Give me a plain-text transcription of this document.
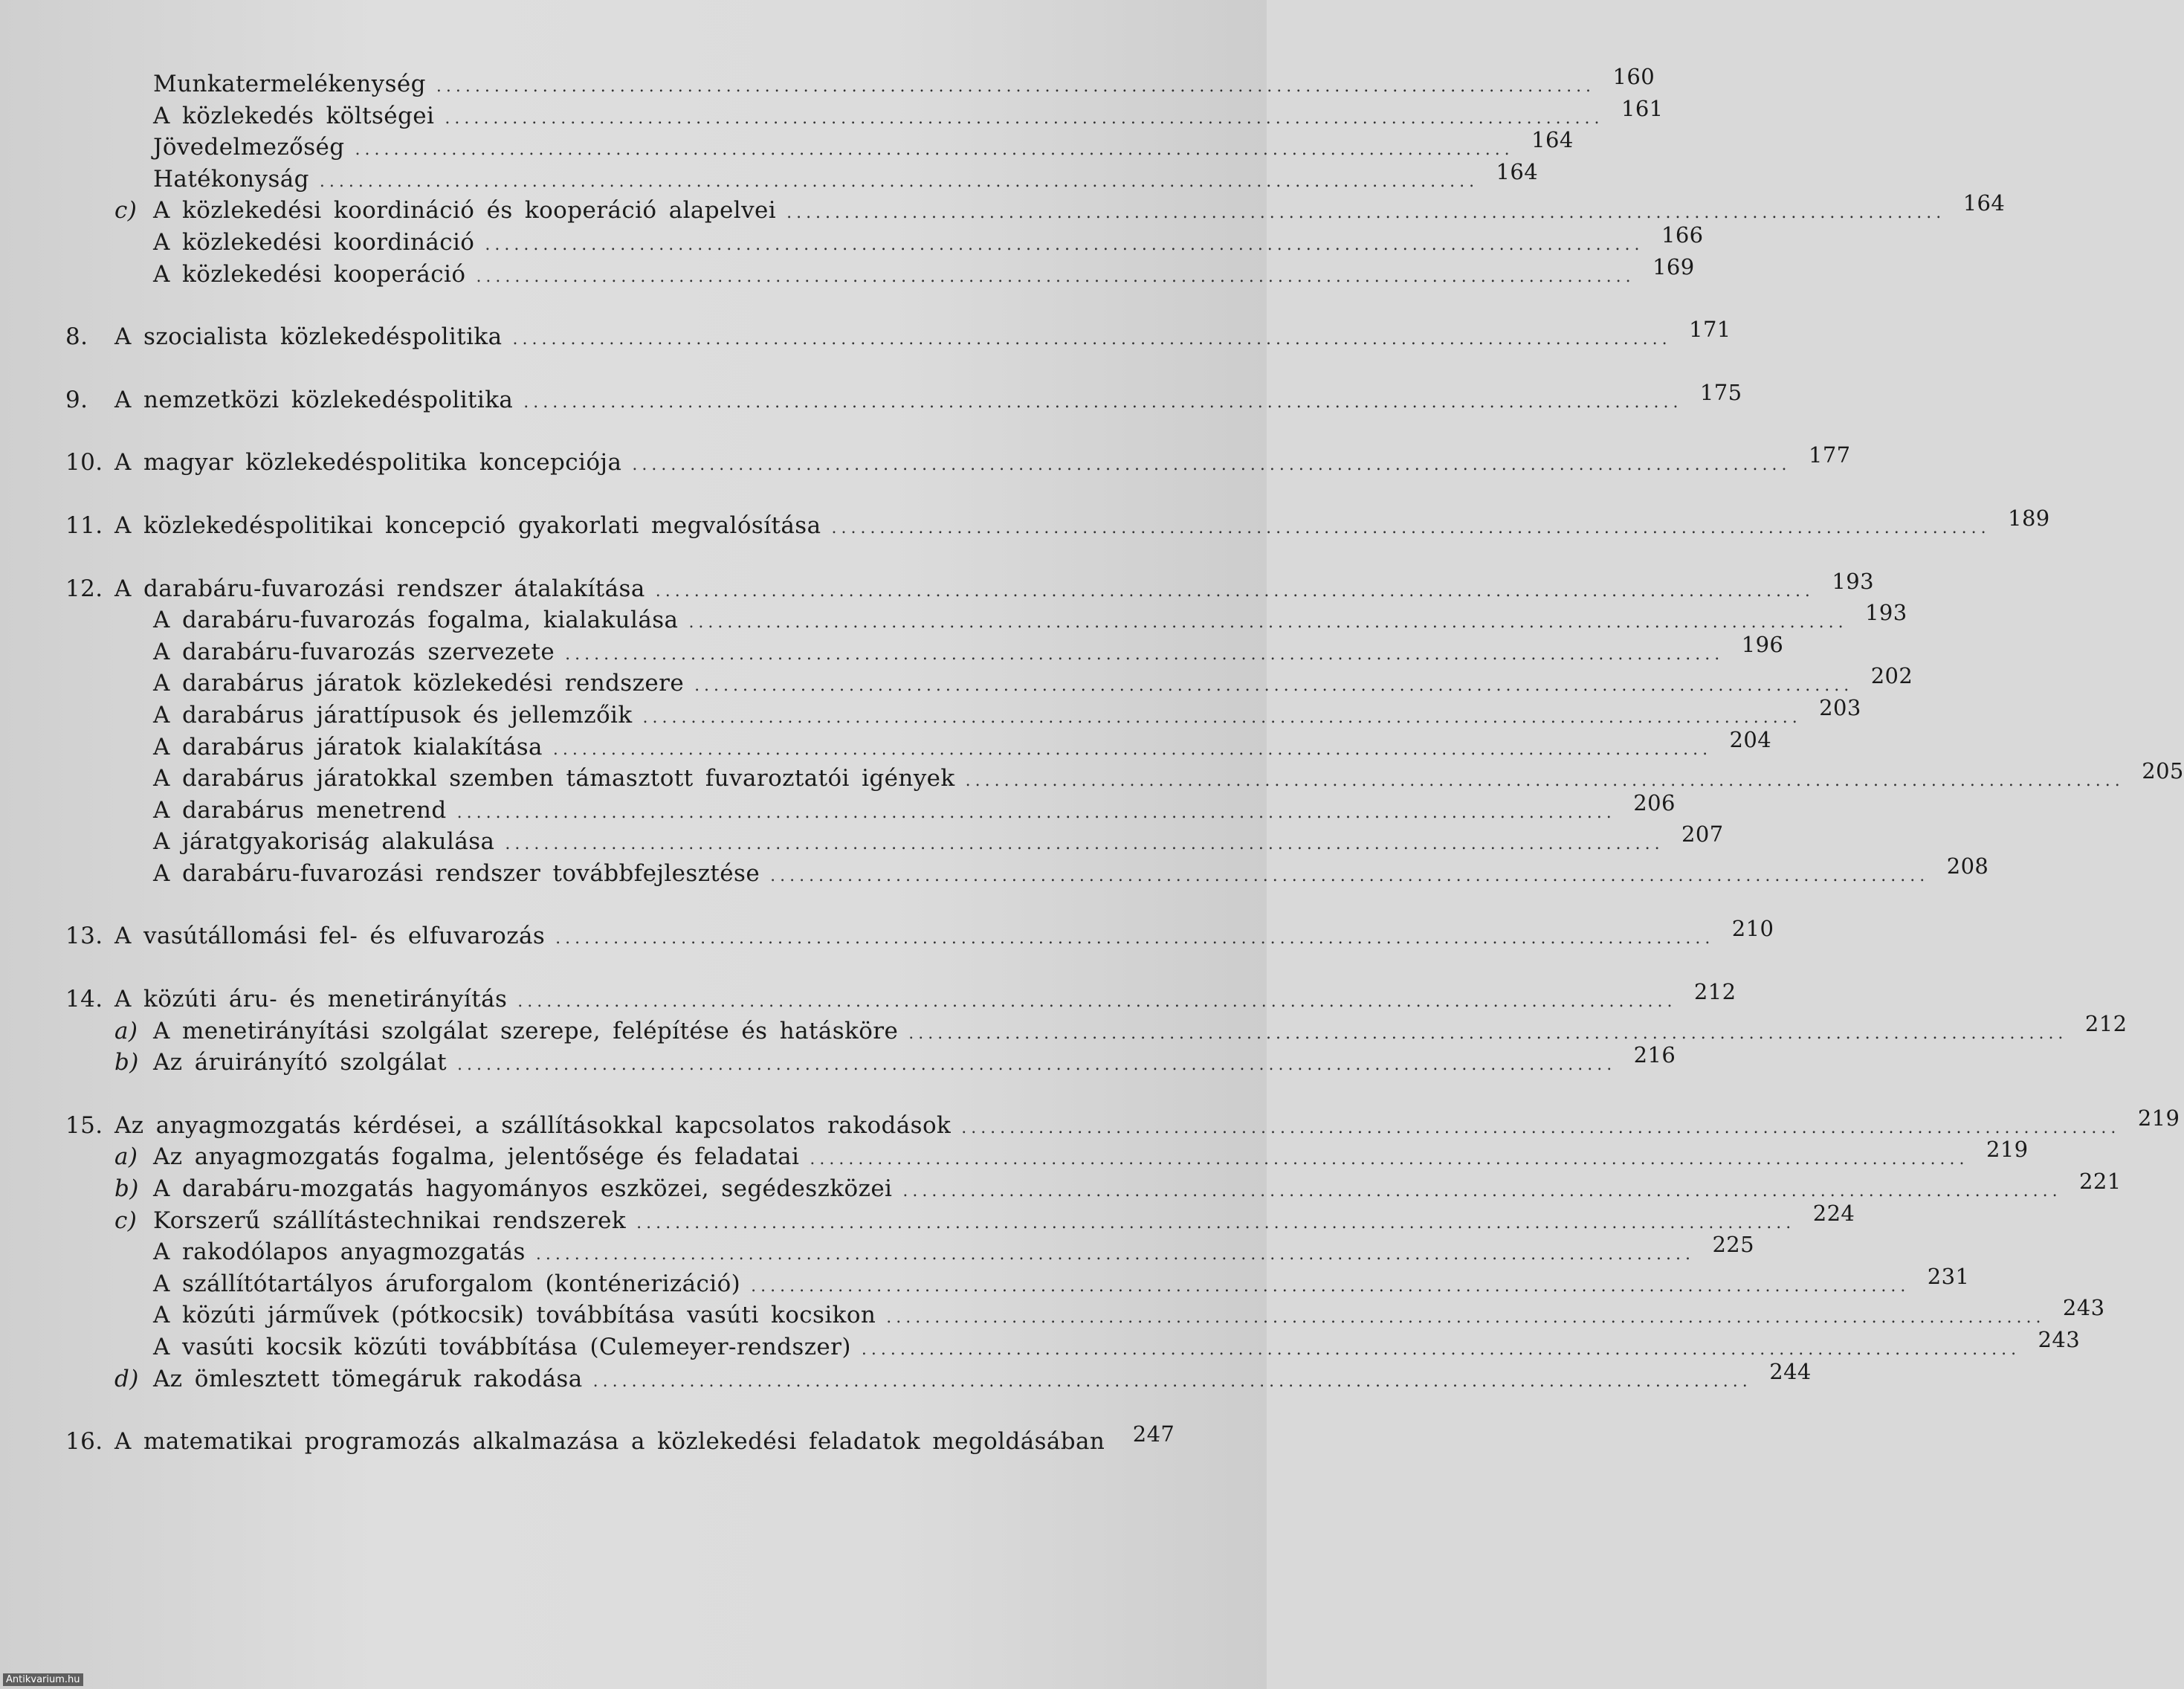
Munkatermelékenység ........................................................................................................................ 160
A közlekedés költségei ........................................................................................................................ 161
Jövedelmezőség ........................................................................................................................ 164
Hatékonyság ........................................................................................................................ 164
c) A közlekedési koordináció és kooperáció alapelvei ........................................................................................................................ 164
A közlekedési koordináció ........................................................................................................................ 166
A közlekedési kooperáció ........................................................................................................................ 169
8.	A szocialista közlekedéspolitika ........................................................................................................................ 171
9.	A nemzetközi közlekedéspolitika ........................................................................................................................ 175
10. A magyar közlekedéspolitika koncepciója ........................................................................................................................ 177
11. A közlekedéspolitikai koncepció gyakorlati megvalósítása ........................................................................................................................ 189
12. A darabáru-fuvarozási rendszer átalakítása ........................................................................................................................ 193
A darabáru-fuvarozás fogalma, kialakulása ........................................................................................................................ 193
A darabáru-fuvarozás szervezete ........................................................................................................................ 196
A darabárus járatok közlekedési rendszere ........................................................................................................................ 202
A darabárus járattípusok és jellemzőik ........................................................................................................................ 203
A darabárus járatok kialakítása ........................................................................................................................ 204
A darabárus járatokkal szemben támasztott fuvaroztatói igények ........................................................................................................................ 205
A darabárus menetrend ........................................................................................................................ 206
A járatgyakoriság alakulása ........................................................................................................................ 207
A darabáru-fuvarozási rendszer továbbfejlesztése ........................................................................................................................ 208
13. A vasútállomási fel- és elfuvarozás ........................................................................................................................ 210
14. A közúti áru- és menetirányítás ........................................................................................................................ 212
a) A menetirányítási szolgálat szerepe, felépítése és hatásköre ........................................................................................................................ 212
b) Az áruirányító szolgálat ........................................................................................................................ 216
15. Az anyagmozgatás kérdései, a szállításokkal kapcsolatos rakodások ........................................................................................................................ 219
a) Az anyagmozgatás fogalma, jelentősége és feladatai ........................................................................................................................ 219
b) A darabáru-mozgatás hagyományos eszközei, segédeszközei ........................................................................................................................ 221
c) Korszerű szállítástechnikai rendszerek ........................................................................................................................ 224
A rakodólapos anyagmozgatás ........................................................................................................................ 225
A szállítótartályos áruforgalom (konténerizáció) ........................................................................................................................ 231
A közúti járművek (pótkocsik) továbbítása vasúti kocsikon ........................................................................................................................ 243
A vasúti kocsik közúti továbbítása (Culemeyer-rendszer) ........................................................................................................................ 243
d) Az ömlesztett tömegáruk rakodása ........................................................................................................................ 244
16. A matematikai programozás alkalmazása a közlekedési feladatok megoldásában	247
Antikvarium.hu
